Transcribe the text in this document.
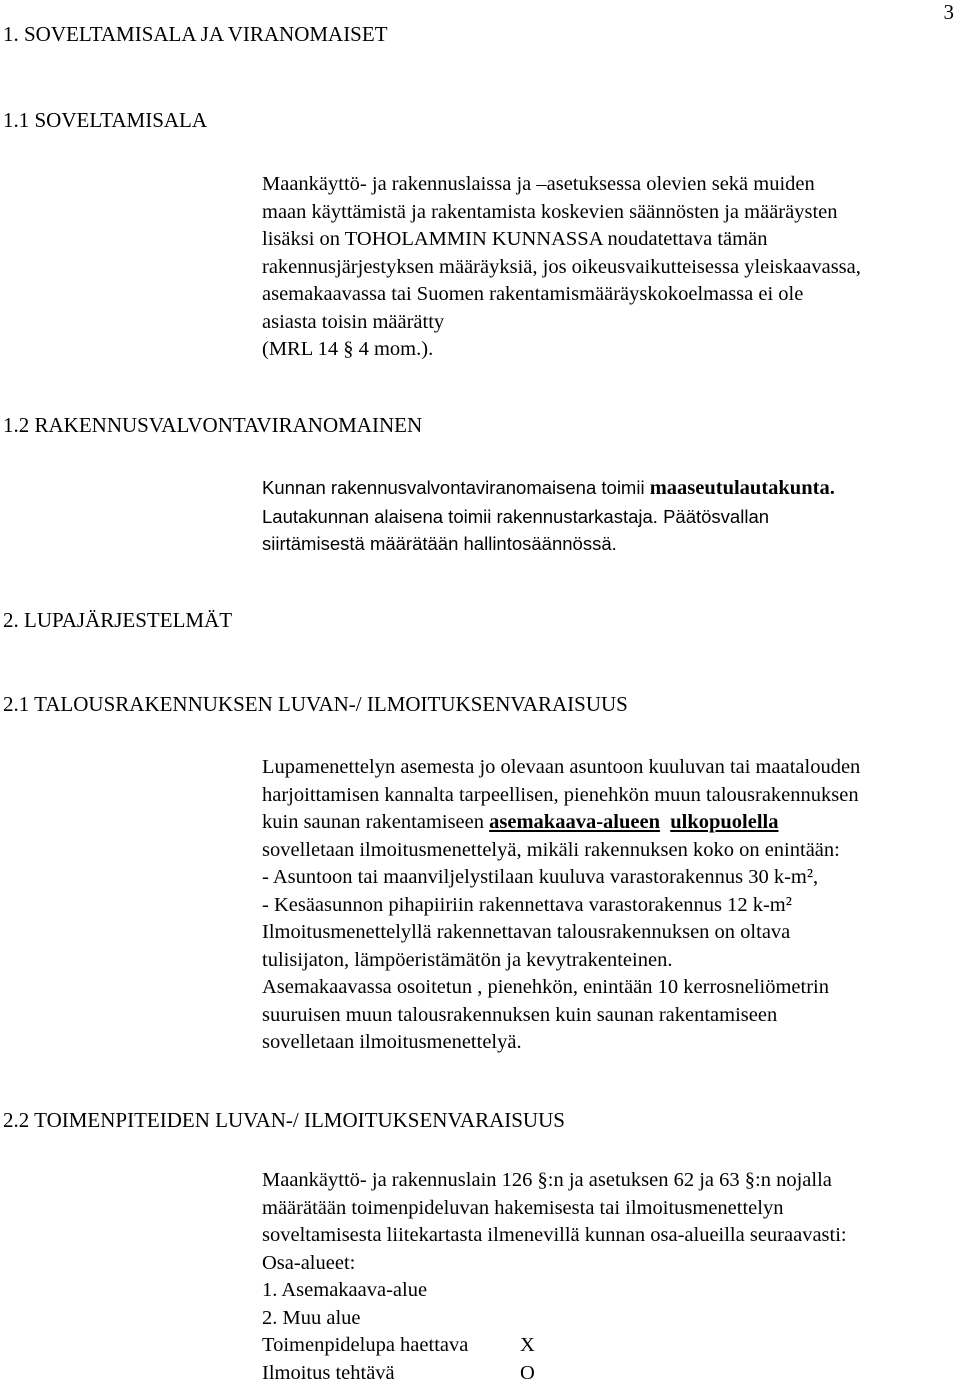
3
1. SOVELTAMISALA JA VIRANOMAISET
1.1 SOVELTAMISALA
Maankäyttö- ja rakennuslaissa ja –asetuksessa olevien sekä muiden
maan käyttämistä ja rakentamista koskevien säännösten ja määräysten
lisäksi on TOHOLAMMIN KUNNASSA noudatettava tämän
rakennusjärjestyksen määräyksiä, jos oikeusvaikutteisessa yleiskaavassa,
asemakaavassa tai Suomen rakentamismääräyskokoelmassa ei ole
asiasta toisin määrätty
(MRL 14 § 4 mom.).
1.2 RAKENNUSVALVONTAVIRANOMAINEN
Kunnan rakennusvalvontaviranomaisena toimii maaseutulautakunta.
Lautakunnan alaisena toimii rakennustarkastaja. Päätösvallan
siirtämisestä määrätään hallintosäännössä.
2. LUPAJÄRJESTELMÄT
2.1 TALOUSRAKENNUKSEN LUVAN-/ ILMOITUKSENVARAISUUS
Lupamenettelyn asemesta jo olevaan asuntoon kuuluvan tai maatalouden
harjoittamisen kannalta tarpeellisen, pienehkön muun talousrakennuksen
kuin saunan rakentamiseen asemakaava-alueen ulkopuolella
sovelletaan ilmoitusmenettelyä, mikäli rakennuksen koko on enintään:
- Asuntoon tai maanviljelystilaan kuuluva varastorakennus 30 k-m²,
- Kesäasunnon pihapiiriin rakennettava varastorakennus 12 k-m²
Ilmoitusmenettelyllä rakennettavan talousrakennuksen on oltava
tulisijaton, lämpöeristämätön ja kevytrakenteinen.
Asemakaavassa osoitetun , pienehkön, enintään 10 kerrosneliömetrin
suuruisen muun talousrakennuksen kuin saunan rakentamiseen
sovelletaan ilmoitusmenettelyä.
2.2 TOIMENPITEIDEN LUVAN-/ ILMOITUKSENVARAISUUS
Maankäyttö- ja rakennuslain 126 §:n ja asetuksen 62 ja 63 §:n nojalla
määrätään toimenpideluvan hakemisesta tai ilmoitusmenettelyn
soveltamisesta liitekartasta ilmenevillä kunnan osa-alueilla seuraavasti:
Osa-alueet:
1. Asemakaava-alue
2. Muu alue
Toimenpidelupa haettava	X
Ilmoitus tehtävä	O
